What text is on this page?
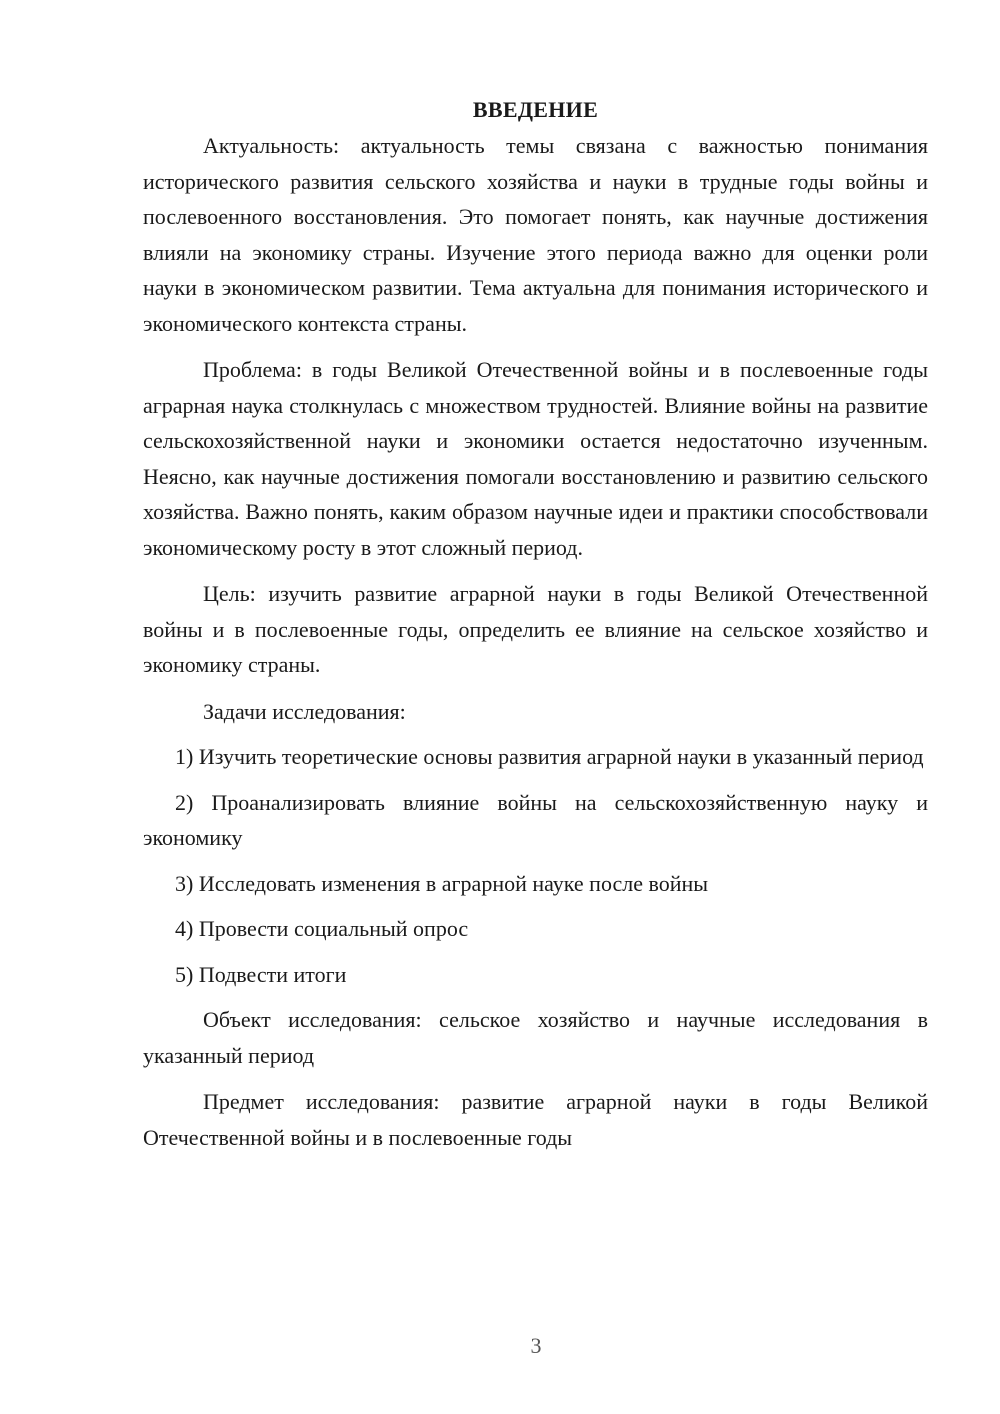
ВВЕДЕНИЕ

Актуальность: актуальность темы связана с важностью понимания исторического развития сельского хозяйства и науки в трудные годы войны и послевоенного восстановления. Это помогает понять, как научные достижения влияли на экономику страны. Изучение этого периода важно для оценки роли науки в экономическом развитии. Тема актуальна для понимания исторического и экономического контекста страны.

Проблема: в годы Великой Отечественной войны и в послевоенные годы аграрная наука столкнулась с множеством трудностей. Влияние войны на развитие сельскохозяйственной науки и экономики остается недостаточно изученным. Неясно, как научные достижения помогали восстановлению и развитию сельского хозяйства. Важно понять, каким образом научные идеи и практики способствовали экономическому росту в этот сложный период.

Цель: изучить развитие аграрной науки в годы Великой Отечественной войны и в послевоенные годы, определить ее влияние на сельское хозяйство и экономику страны.

Задачи исследования:

1) Изучить теоретические основы развития аграрной науки в указанный период

2) Проанализировать влияние войны на сельскохозяйственную науку и экономику

3) Исследовать изменения в аграрной науке после войны

4) Провести социальный опрос

5) Подвести итоги

Объект исследования: сельское хозяйство и научные исследования в указанный период

Предмет исследования: развитие аграрной науки в годы Великой Отечественной войны и в послевоенные годы

3
